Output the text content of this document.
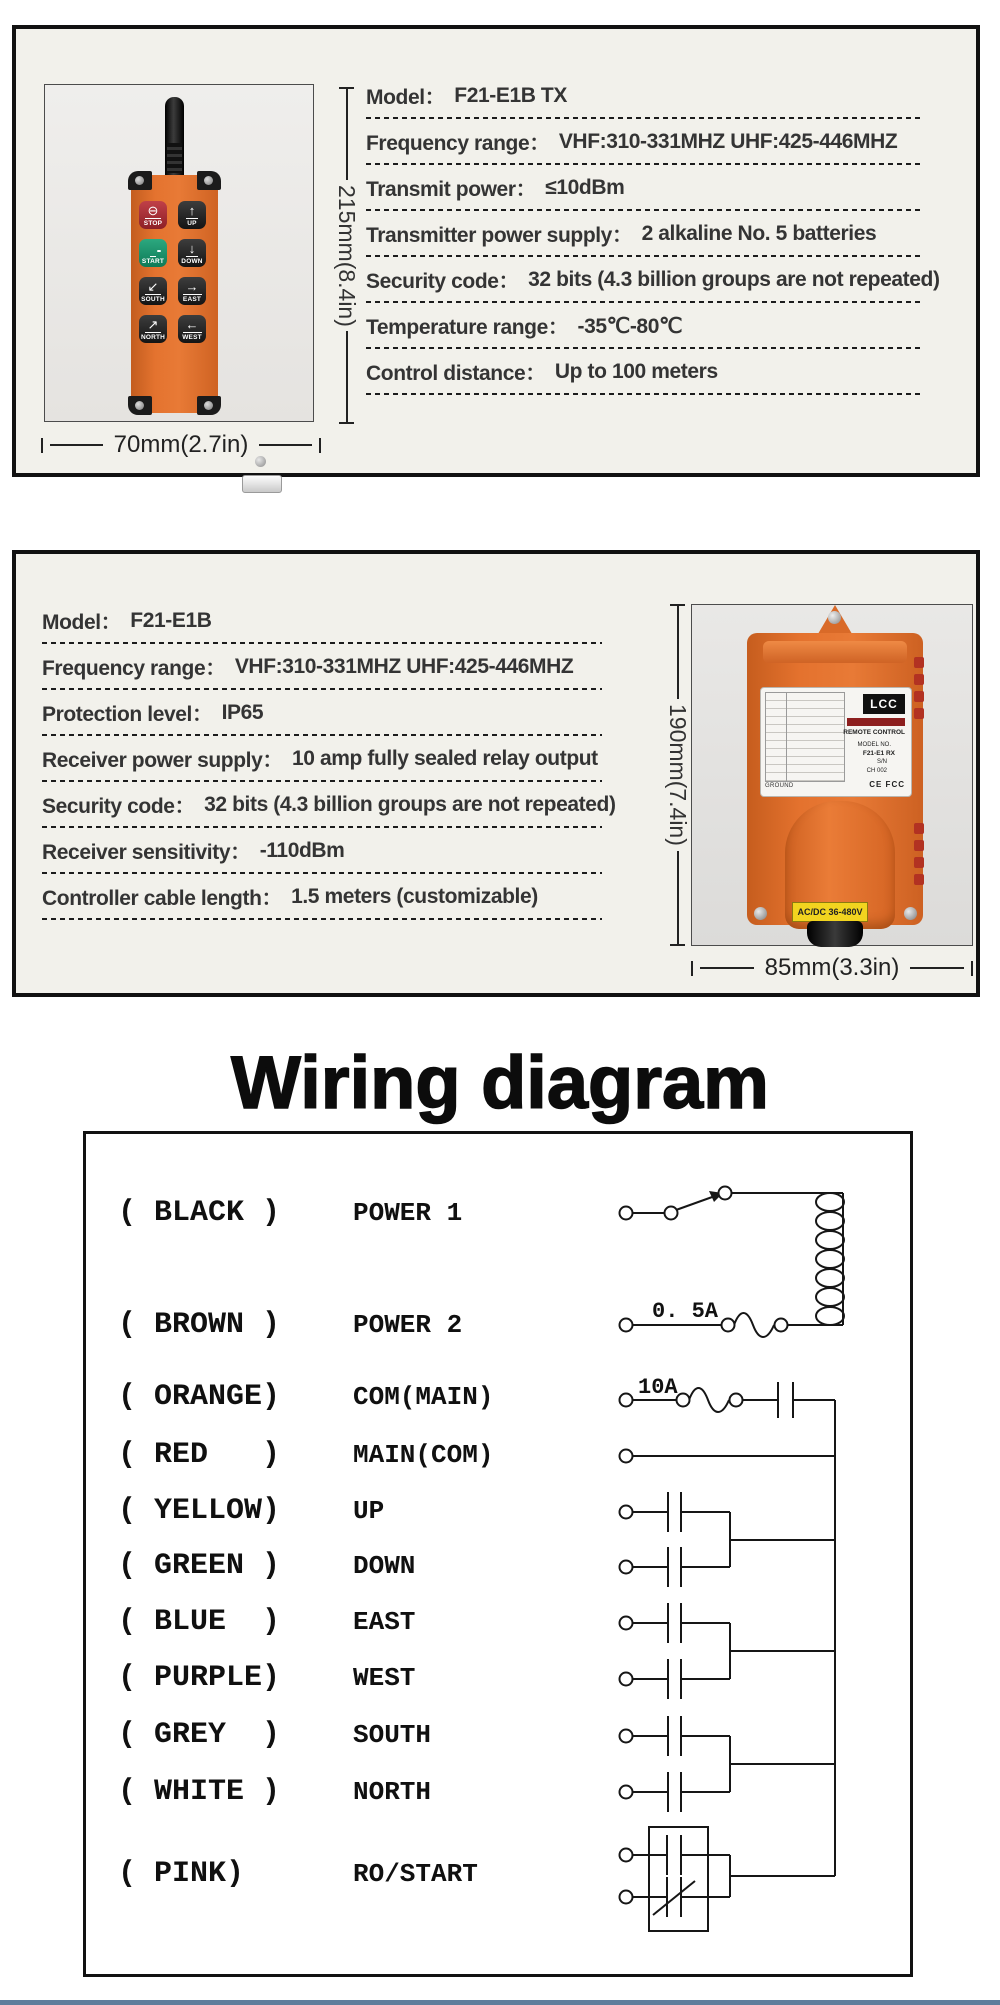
⊖
STOP
↑
UP
START
↓
DOWN
↙
SOUTH
→
EAST
↗
NORTH
←
WEST
215mm(8.4in)
Model： F21-E1B TX
Frequency range： VHF:310-331MHZ UHF:425-446MHZ
Transmit power： ≤10dBm
Transmitter power supply： 2 alkaline No. 5 batteries
Security code： 32 bits (4.3 billion groups are not repeated)
Temperature range： -35℃-80℃
Control distance： Up to 100 meters
70mm(2.7in)
Model： F21-E1B
Frequency range： VHF:310-331MHZ UHF:425-446MHZ
Protection level： IP65
Receiver power supply： 10 amp fully sealed relay output
Security code： 32 bits (4.3 billion groups are not repeated)
Receiver sensitivity： -110dBm
Controller cable length： 1.5 meters (customizable)
190mm(7.4in)	GROUND
LCC
REMOTE CONTROL
MODEL NO.
F21-E1 RX
S/N
CH 002
CE FCC
AC/DC 36-480V
85mm(3.3in)
Wiring diagram
( BLACK )	POWER 1
( BROWN )	POWER 2
( ORANGE)	COM(MAIN)
( RED   )	MAIN(COM)
( YELLOW)	UP
( GREEN )	DOWN
( BLUE  )	EAST
( PURPLE)	WEST
( GREY  )	SOUTH
( WHITE )	NORTH
( PINK)	RO/START
0. 5A
10A
